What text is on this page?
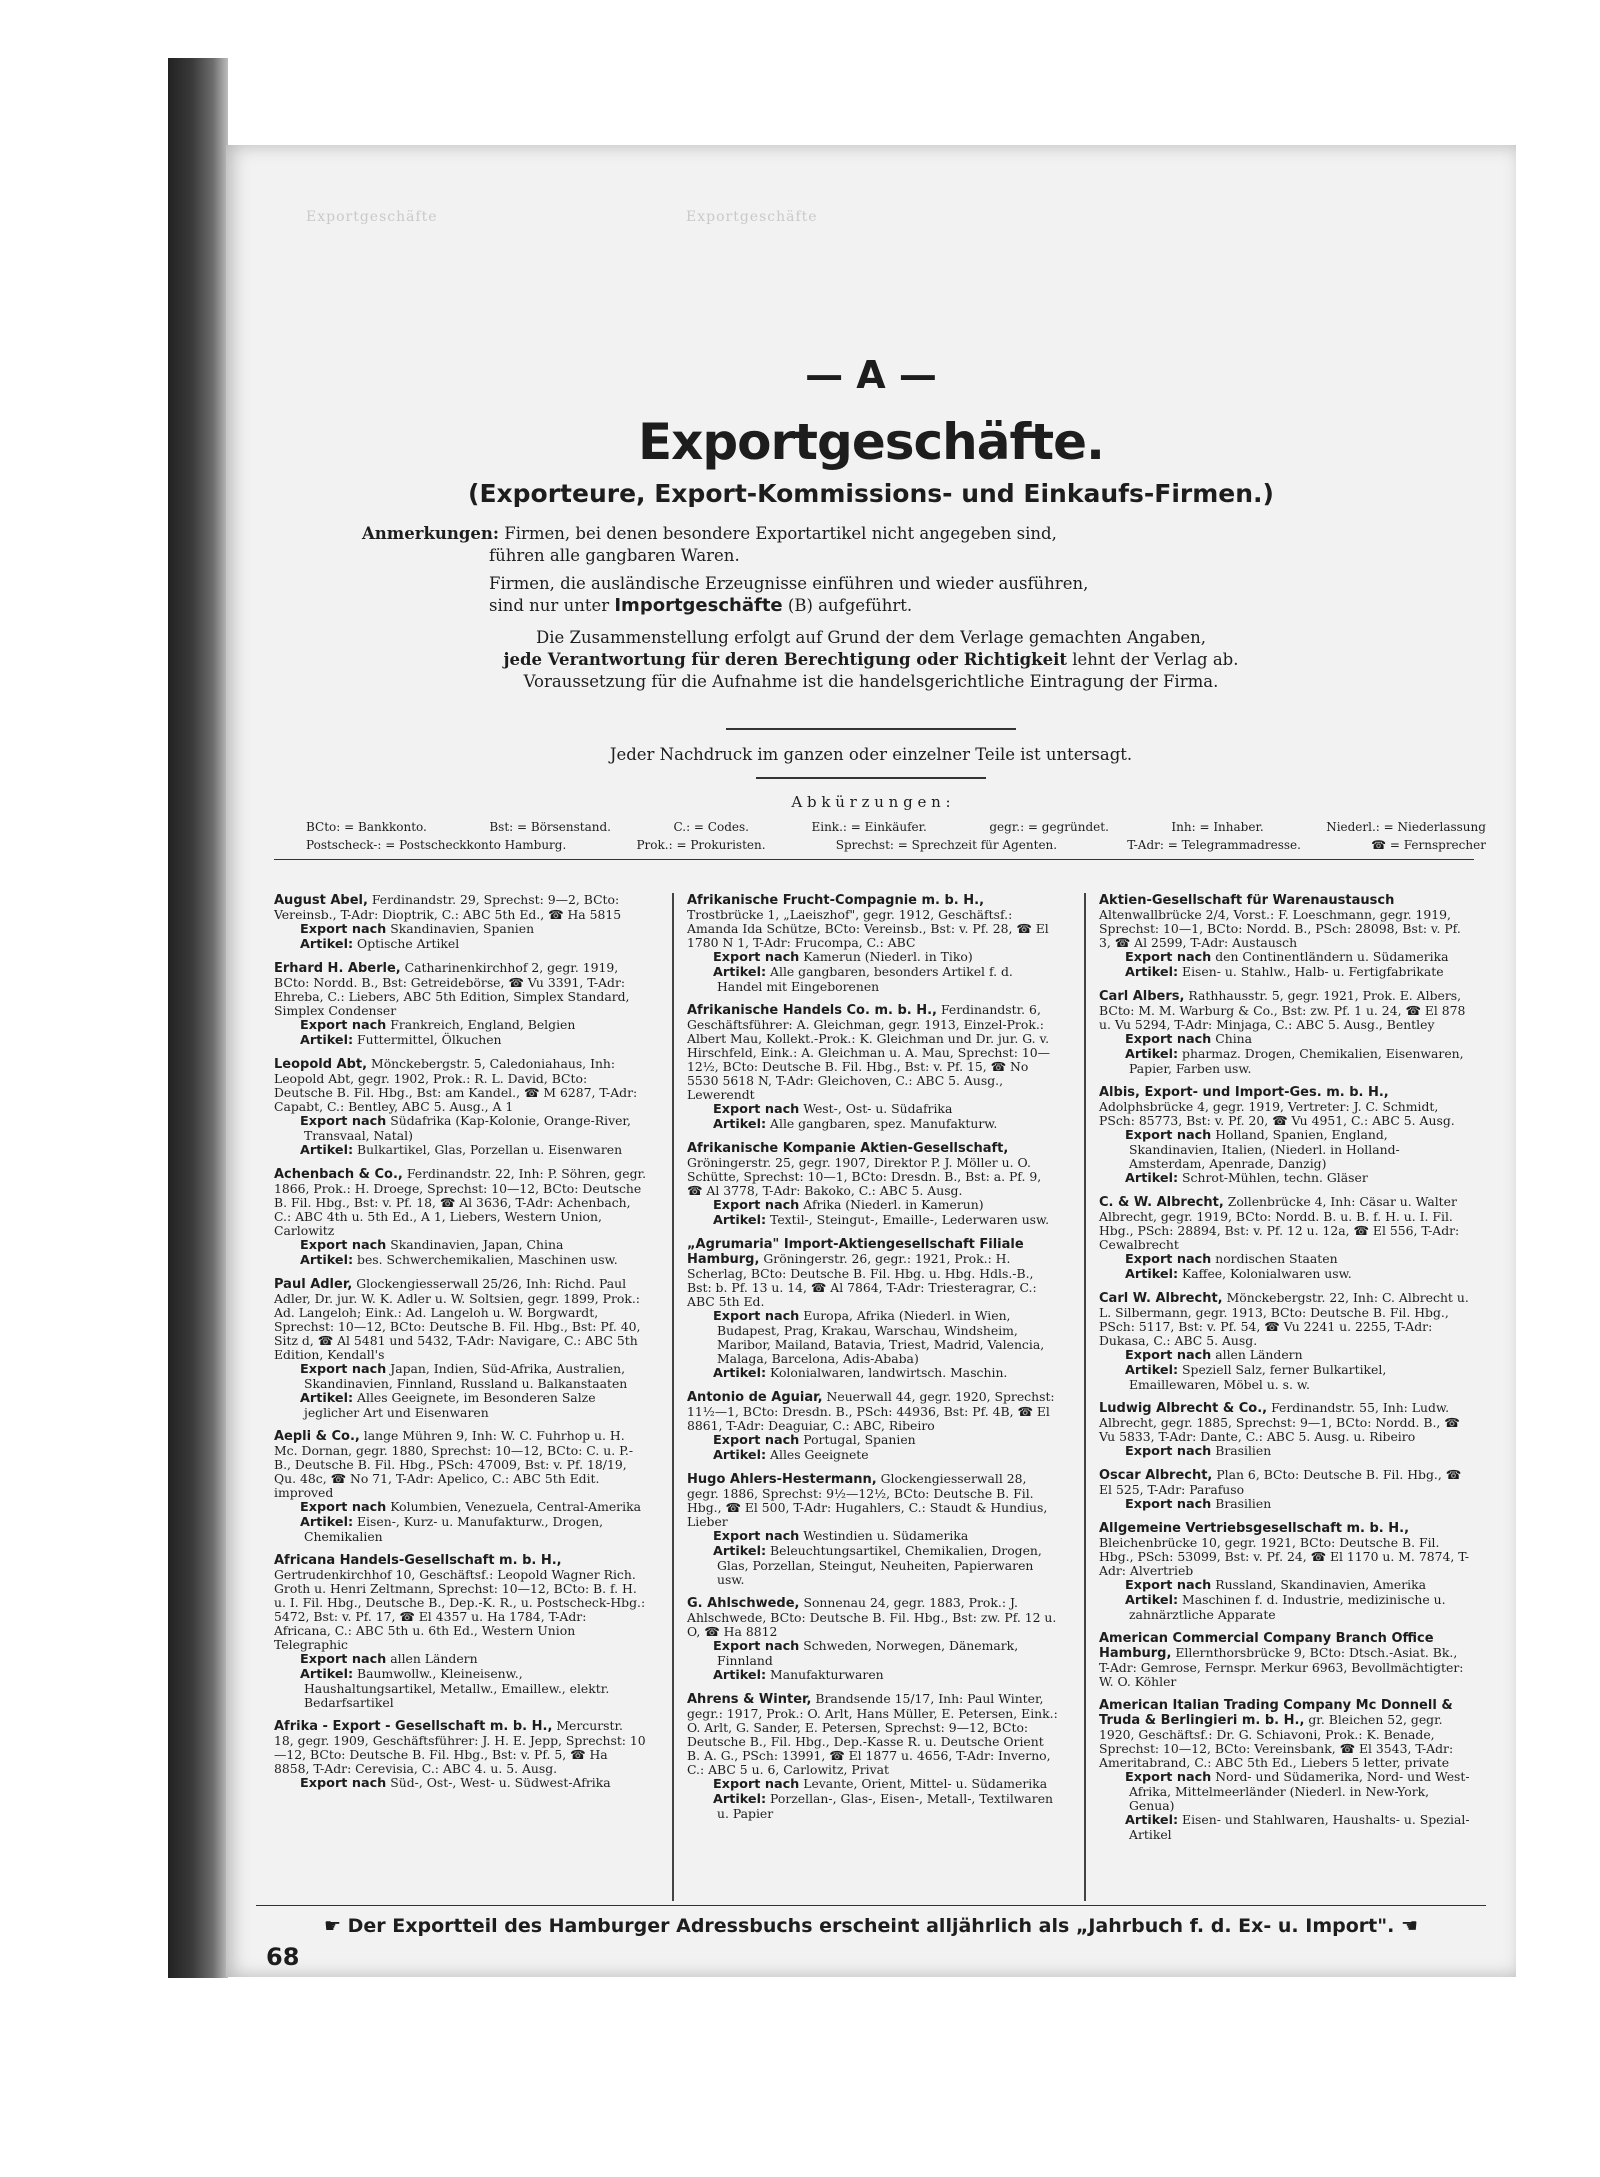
Exportgeschäfte	Exportgeschäfte
— A —
Exportgeschäfte.
(Exporteure, Export-Kommissions- und Einkaufs-Firmen.)
Anmerkungen: Firmen, bei denen besondere Exportartikel nicht angegeben sind,
führen alle gangbaren Waren.
Firmen, die ausländische Erzeugnisse einführen und wieder ausführen,
sind nur unter Importgeschäfte (B) aufgeführt.
Die Zusammenstellung erfolgt auf Grund der dem Verlage gemachten Angaben,
jede Verantwortung für deren Berechtigung oder Richtigkeit lehnt der Verlag ab.
Voraussetzung für die Aufnahme ist die handelsgerichtliche Eintragung der Firma.
Jeder Nachdruck im ganzen oder einzelner Teile ist untersagt.
A b k ü r z u n g e n :
BCto: = Bankkonto.	Bst: = Börsenstand.	C.: = Codes.	Eink.: = Einkäufer.	gegr.: = gegründet.	Inh: = Inhaber.	Niederl.: = Niederlassung
Postscheck-: = Postscheckkonto Hamburg.	Prok.: = Prokuristen.	Sprechst: = Sprechzeit für Agenten.	T-Adr: = Telegrammadresse.	☎ = Fernsprecher
August Abel, Ferdinandstr. 29, Sprechst: 9—2, BCto: Vereinsb., T-Adr: Dioptrik, C.: ABC 5th Ed., ☎ Ha 5815
Export nach Skandinavien, Spanien
Artikel: Optische Artikel
Erhard H. Aberle, Catharinenkirchhof 2, gegr. 1919, BCto: Nordd. B., Bst: Getreidebörse, ☎ Vu 3391, T-Adr: Ehreba, C.: Liebers, ABC 5th Edition, Simplex Standard, Simplex Condenser
Export nach Frankreich, England, Belgien
Artikel: Futtermittel, Ölkuchen
Leopold Abt, Mönckebergstr. 5, Caledoniahaus, Inh: Leopold Abt, gegr. 1902, Prok.: R. L. David, BCto: Deutsche B. Fil. Hbg., Bst: am Kandel., ☎ M 6287, T-Adr: Capabt, C.: Bentley, ABC 5. Ausg., A 1
Export nach Südafrika (Kap-Kolonie, Orange-River, Transvaal, Natal)
Artikel: Bulkartikel, Glas, Porzellan u. Eisenwaren
Achenbach & Co., Ferdinandstr. 22, Inh: P. Söhren, gegr. 1866, Prok.: H. Droege, Sprechst: 10—12, BCto: Deutsche B. Fil. Hbg., Bst: v. Pf. 18, ☎ Al 3636, T-Adr: Achenbach, C.: ABC 4th u. 5th Ed., A 1, Liebers, Western Union, Carlowitz
Export nach Skandinavien, Japan, China
Artikel: bes. Schwerchemikalien, Maschinen usw.
Paul Adler, Glockengiesserwall 25/26, Inh: Richd. Paul Adler, Dr. jur. W. K. Adler u. W. Soltsien, gegr. 1899, Prok.: Ad. Langeloh; Eink.: Ad. Langeloh u. W. Borgwardt, Sprechst: 10—12, BCto: Deutsche B. Fil. Hbg., Bst: Pf. 40, Sitz d, ☎ Al 5481 und 5432, T-Adr: Navigare, C.: ABC 5th Edition, Kendall's
Export nach Japan, Indien, Süd-Afrika, Australien, Skandinavien, Finnland, Russland u. Balkanstaaten
Artikel: Alles Geeignete, im Besonderen Salze jeglicher Art und Eisenwaren
Aepli & Co., lange Mühren 9, Inh: W. C. Fuhrhop u. H. Mc. Dornan, gegr. 1880, Sprechst: 10—12, BCto: C. u. P.-B., Deutsche B. Fil. Hbg., PSch: 47009, Bst: v. Pf. 18/19, Qu. 48c, ☎ No 71, T-Adr: Apelico, C.: ABC 5th Edit. improved
Export nach Kolumbien, Venezuela, Central-Amerika
Artikel: Eisen-, Kurz- u. Manufakturw., Drogen, Chemikalien
Africana Handels-Gesellschaft m. b. H., Gertrudenkirchhof 10, Geschäftsf.: Leopold Wagner Rich. Groth u. Henri Zeltmann, Sprechst: 10—12, BCto: B. f. H. u. I. Fil. Hbg., Deutsche B., Dep.-K. R., u. Postscheck-Hbg.: 5472, Bst: v. Pf. 17, ☎ El 4357 u. Ha 1784, T-Adr: Africana, C.: ABC 5th u. 6th Ed., Western Union Telegraphic
Export nach allen Ländern
Artikel: Baumwollw., Kleineisenw., Haushaltungsartikel, Metallw., Emaillew., elektr. Bedarfsartikel
Afrika - Export - Gesellschaft m. b. H., Mercurstr. 18, gegr. 1909, Geschäftsführer: J. H. E. Jepp, Sprechst: 10—12, BCto: Deutsche B. Fil. Hbg., Bst: v. Pf. 5, ☎ Ha 8858, T-Adr: Cerevisia, C.: ABC 4. u. 5. Ausg.
Export nach Süd-, Ost-, West- u. Südwest-Afrika
Afrikanische Frucht-Compagnie m. b. H., Trostbrücke 1, „Laeiszhof", gegr. 1912, Geschäftsf.: Amanda Ida Schütze, BCto: Vereinsb., Bst: v. Pf. 28, ☎ El 1780 N 1, T-Adr: Frucompa, C.: ABC
Export nach Kamerun (Niederl. in Tiko)
Artikel: Alle gangbaren, besonders Artikel f. d. Handel mit Eingeborenen
Afrikanische Handels Co. m. b. H., Ferdinandstr. 6, Geschäftsführer: A. Gleichman, gegr. 1913, Einzel-Prok.: Albert Mau, Kollekt.-Prok.: K. Gleichman und Dr. jur. G. v. Hirschfeld, Eink.: A. Gleichman u. A. Mau, Sprechst: 10—12½, BCto: Deutsche B. Fil. Hbg., Bst: v. Pf. 15, ☎ No 5530 5618 N, T-Adr: Gleichoven, C.: ABC 5. Ausg., Lewerendt
Export nach West-, Ost- u. Südafrika
Artikel: Alle gangbaren, spez. Manufakturw.
Afrikanische Kompanie Aktien-Gesellschaft, Gröningerstr. 25, gegr. 1907, Direktor P. J. Möller u. O. Schütte, Sprechst: 10—1, BCto: Dresdn. B., Bst: a. Pf. 9, ☎ Al 3778, T-Adr: Bakoko, C.: ABC 5. Ausg.
Export nach Afrika (Niederl. in Kamerun)
Artikel: Textil-, Steingut-, Emaille-, Lederwaren usw.
„Agrumaria" Import-Aktiengesellschaft Filiale Hamburg, Gröningerstr. 26, gegr.: 1921, Prok.: H. Scherlag, BCto: Deutsche B. Fil. Hbg. u. Hbg. Hdls.-B., Bst: b. Pf. 13 u. 14, ☎ Al 7864, T-Adr: Triesteragrar, C.: ABC 5th Ed.
Export nach Europa, Afrika (Niederl. in Wien, Budapest, Prag, Krakau, Warschau, Windsheim, Maribor, Mailand, Batavia, Triest, Madrid, Valencia, Malaga, Barcelona, Adis-Ababa)
Artikel: Kolonialwaren, landwirtsch. Maschin.
Antonio de Aguiar, Neuerwall 44, gegr. 1920, Sprechst: 11½—1, BCto: Dresdn. B., PSch: 44936, Bst: Pf. 4B, ☎ El 8861, T-Adr: Deaguiar, C.: ABC, Ribeiro
Export nach Portugal, Spanien
Artikel: Alles Geeignete
Hugo Ahlers-Hestermann, Glockengiesserwall 28, gegr. 1886, Sprechst: 9½—12½, BCto: Deutsche B. Fil. Hbg., ☎ El 500, T-Adr: Hugahlers, C.: Staudt & Hundius, Lieber
Export nach Westindien u. Südamerika
Artikel: Beleuchtungsartikel, Chemikalien, Drogen, Glas, Porzellan, Steingut, Neuheiten, Papierwaren usw.
G. Ahlschwede, Sonnenau 24, gegr. 1883, Prok.: J. Ahlschwede, BCto: Deutsche B. Fil. Hbg., Bst: zw. Pf. 12 u. O, ☎ Ha 8812
Export nach Schweden, Norwegen, Dänemark, Finnland
Artikel: Manufakturwaren
Ahrens & Winter, Brandsende 15/17, Inh: Paul Winter, gegr.: 1917, Prok.: O. Arlt, Hans Müller, E. Petersen, Eink.: O. Arlt, G. Sander, E. Petersen, Sprechst: 9—12, BCto: Deutsche B., Fil. Hbg., Dep.-Kasse R. u. Deutsche Orient B. A. G., PSch: 13991, ☎ El 1877 u. 4656, T-Adr: Inverno, C.: ABC 5 u. 6, Carlowitz, Privat
Export nach Levante, Orient, Mittel- u. Südamerika
Artikel: Porzellan-, Glas-, Eisen-, Metall-, Textilwaren u. Papier
Aktien-Gesellschaft für Warenaustausch Altenwallbrücke 2/4, Vorst.: F. Loeschmann, gegr. 1919, Sprechst: 10—1, BCto: Nordd. B., PSch: 28098, Bst: v. Pf. 3, ☎ Al 2599, T-Adr: Austausch
Export nach den Continentländern u. Südamerika
Artikel: Eisen- u. Stahlw., Halb- u. Fertigfabrikate
Carl Albers, Rathhausstr. 5, gegr. 1921, Prok. E. Albers, BCto: M. M. Warburg & Co., Bst: zw. Pf. 1 u. 24, ☎ El 878 u. Vu 5294, T-Adr: Minjaga, C.: ABC 5. Ausg., Bentley
Export nach China
Artikel: pharmaz. Drogen, Chemikalien, Eisenwaren, Papier, Farben usw.
Albis, Export- und Import-Ges. m. b. H., Adolphsbrücke 4, gegr. 1919, Vertreter: J. C. Schmidt, PSch: 85773, Bst: v. Pf. 20, ☎ Vu 4951, C.: ABC 5. Ausg.
Export nach Holland, Spanien, England, Skandinavien, Italien, (Niederl. in Holland-Amsterdam, Apenrade, Danzig)
Artikel: Schrot-Mühlen, techn. Gläser
C. & W. Albrecht, Zollenbrücke 4, Inh: Cäsar u. Walter Albrecht, gegr. 1919, BCto: Nordd. B. u. B. f. H. u. I. Fil. Hbg., PSch: 28894, Bst: v. Pf. 12 u. 12a, ☎ El 556, T-Adr: Cewalbrecht
Export nach nordischen Staaten
Artikel: Kaffee, Kolonialwaren usw.
Carl W. Albrecht, Mönckebergstr. 22, Inh: C. Albrecht u. L. Silbermann, gegr. 1913, BCto: Deutsche B. Fil. Hbg., PSch: 5117, Bst: v. Pf. 54, ☎ Vu 2241 u. 2255, T-Adr: Dukasa, C.: ABC 5. Ausg.
Export nach allen Ländern
Artikel: Speziell Salz, ferner Bulkartikel, Emaillewaren, Möbel u. s. w.
Ludwig Albrecht & Co., Ferdinandstr. 55, Inh: Ludw. Albrecht, gegr. 1885, Sprechst: 9—1, BCto: Nordd. B., ☎ Vu 5833, T-Adr: Dante, C.: ABC 5. Ausg. u. Ribeiro
Export nach Brasilien
Oscar Albrecht, Plan 6, BCto: Deutsche B. Fil. Hbg., ☎ El 525, T-Adr: Parafuso
Export nach Brasilien
Allgemeine Vertriebsgesellschaft m. b. H., Bleichenbrücke 10, gegr. 1921, BCto: Deutsche B. Fil. Hbg., PSch: 53099, Bst: v. Pf. 24, ☎ El 1170 u. M. 7874, T-Adr: Alvertrieb
Export nach Russland, Skandinavien, Amerika
Artikel: Maschinen f. d. Industrie, medizinische u. zahnärztliche Apparate
American Commercial Company Branch Office Hamburg, Ellernthorsbrücke 9, BCto: Dtsch.-Asiat. Bk., T-Adr: Gemrose, Fernspr. Merkur 6963, Bevollmächtigter: W. O. Köhler
American Italian Trading Company Mc Donnell & Truda & Berlingieri m. b. H., gr. Bleichen 52, gegr. 1920, Geschäftsf.: Dr. G. Schiavoni, Prok.: K. Benade, Sprechst: 10—12, BCto: Vereinsbank, ☎ El 3543, T-Adr: Ameritabrand, C.: ABC 5th Ed., Liebers 5 letter, private
Export nach Nord- und Südamerika, Nord- und West-Afrika, Mittelmeerländer (Niederl. in New-York, Genua)
Artikel: Eisen- und Stahlwaren, Haushalts- u. Spezial-Artikel
☛ Der Exportteil des Hamburger Adressbuchs erscheint alljährlich als „Jahrbuch f. d. Ex- u. Import". ☚
68
